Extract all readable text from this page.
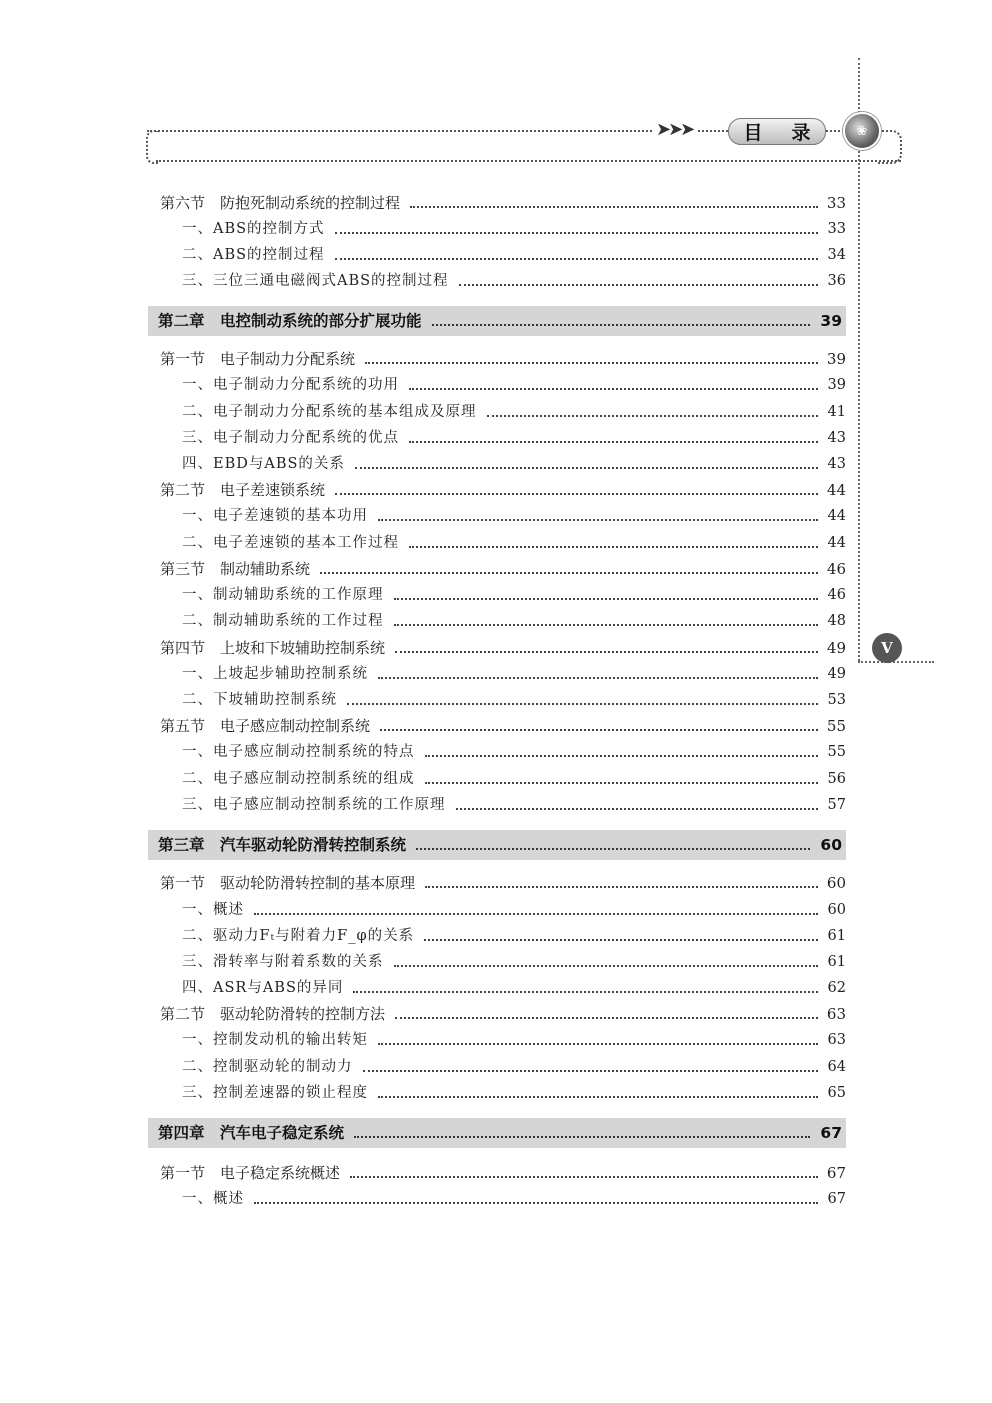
➤➤➤	目 录	❀
V
第六节　防抱死制动系统的控制过程	33
一、ABS的控制方式	33
二、ABS的控制过程	34
三、三位三通电磁阀式ABS的控制过程	36
第二章　电控制动系统的部分扩展功能	39
第一节　电子制动力分配系统	39
一、电子制动力分配系统的功用	39
二、电子制动力分配系统的基本组成及原理	41
三、电子制动力分配系统的优点	43
四、EBD与ABS的关系	43
第二节　电子差速锁系统	44
一、电子差速锁的基本功用	44
二、电子差速锁的基本工作过程	44
第三节　制动辅助系统	46
一、制动辅助系统的工作原理	46
二、制动辅助系统的工作过程	48
第四节　上坡和下坡辅助控制系统	49
一、上坡起步辅助控制系统	49
二、下坡辅助控制系统	53
第五节　电子感应制动控制系统	55
一、电子感应制动控制系统的特点	55
二、电子感应制动控制系统的组成	56
三、电子感应制动控制系统的工作原理	57
第三章　汽车驱动轮防滑转控制系统	60
第一节　驱动轮防滑转控制的基本原理	60
一、概述	60
二、驱动力Fₜ与附着力F_φ的关系	61
三、滑转率与附着系数的关系	61
四、ASR与ABS的异同	62
第二节　驱动轮防滑转的控制方法	63
一、控制发动机的输出转矩	63
二、控制驱动轮的制动力	64
三、控制差速器的锁止程度	65
第四章　汽车电子稳定系统	67
第一节　电子稳定系统概述	67
一、概述	67
